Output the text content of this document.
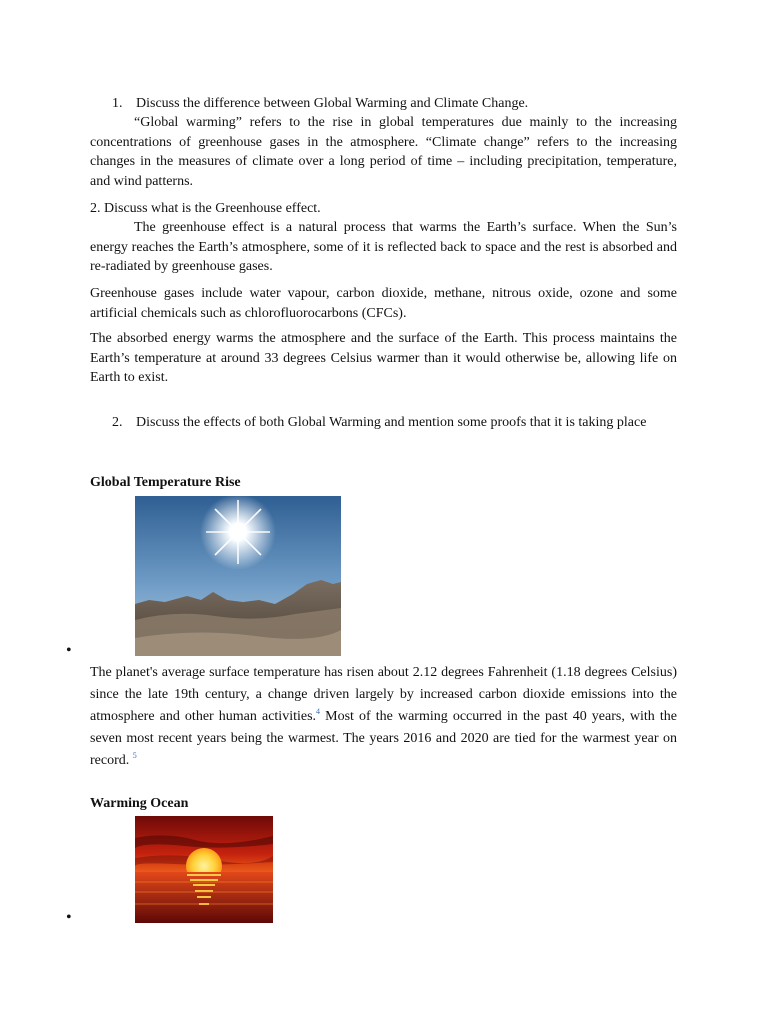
1. Discuss the difference between Global Warming and Climate Change.

“Global warming” refers to the rise in global temperatures due mainly to the increasing concentrations of greenhouse gases in the atmosphere. “Climate change” refers to the increasing changes in the measures of climate over a long period of time – including precipitation, temperature, and wind patterns.

2. Discuss what is the Greenhouse effect.

The greenhouse effect is a natural process that warms the Earth’s surface. When the Sun’s energy reaches the Earth’s atmosphere, some of it is reflected back to space and the rest is absorbed and re-radiated by greenhouse gases.

Greenhouse gases include water vapour, carbon dioxide, methane, nitrous oxide, ozone and some artificial chemicals such as chlorofluorocarbons (CFCs).

The absorbed energy warms the atmosphere and the surface of the Earth. This process maintains the Earth’s temperature at around 33 degrees Celsius warmer than it would otherwise be, allowing life on Earth to exist.

2. Discuss the effects of both Global Warming and mention some proofs that it is taking place

Global Temperature Rise

•

The planet's average surface temperature has risen about 2.12 degrees Fahrenheit (1.18 degrees Celsius) since the late 19th century, a change driven largely by increased carbon dioxide emissions into the atmosphere and other human activities.$^4$ Most of the warming occurred in the past 40 years, with the seven most recent years being the warmest. The years 2016 and 2020 are tied for the warmest year on record. $^5$

Warming Ocean

•
